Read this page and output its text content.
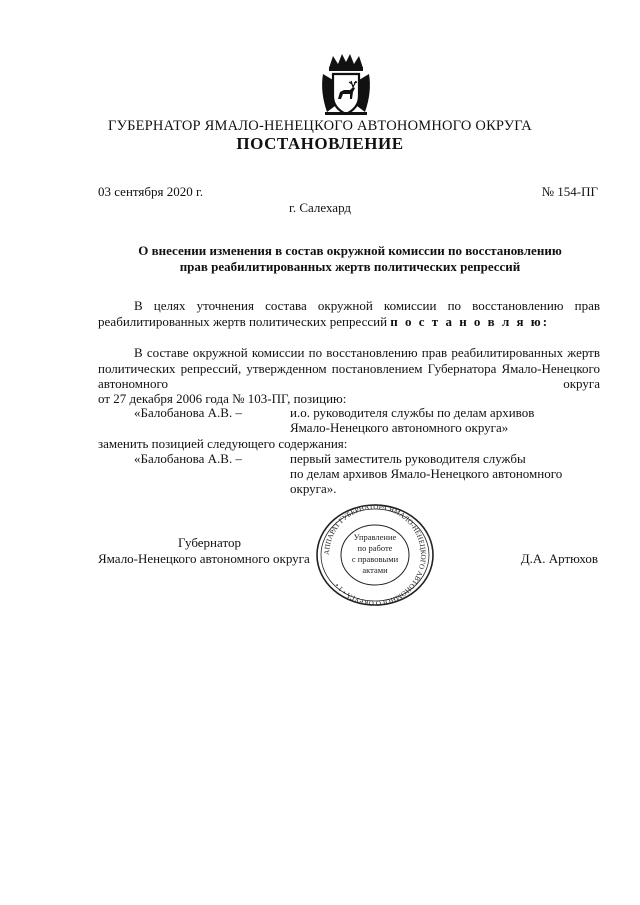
ГУБЕРНАТОР ЯМАЛО-НЕНЕЦКОГО АВТОНОМНОГО ОКРУГА
ПОСТАНОВЛЕНИЕ
03 сентября 2020 г.	№ 154-ПГ
г. Салехард
О внесении изменения в состав окружной комиссии по восстановлению
прав реабилитированных жертв политических репрессий
В целях уточнения состава окружной комиссии по восстановлению прав реабилитированных жертв политических репрессий п о с т а н о в л я ю:
В составе окружной комиссии по восстановлению прав реабилитированных жертв политических репрессий, утвержденном постановлением Губернатора Ямало-Ненецкого автономного округа
от 27 декабря 2006 года № 103-ПГ, позицию:
«Балобанова А.В. –	и.о. руководителя службы по делам архивов
Ямало-Ненецкого автономного округа»
заменить позицией следующего содержания:
«Балобанова А.В. –	первый заместитель руководителя службы
по делам архивов Ямало-Ненецкого автономного
округа».
Губернатор
Ямало-Ненецкого автономного округа	Д.А. Артюхов
АППАРАТ ГУБЕРНАТОРА ЯМАЛО-НЕНЕЦКОГО АВТОНОМНОГО ОКРУГА • 1 •
Управление
по работе
с правовыми
актами
